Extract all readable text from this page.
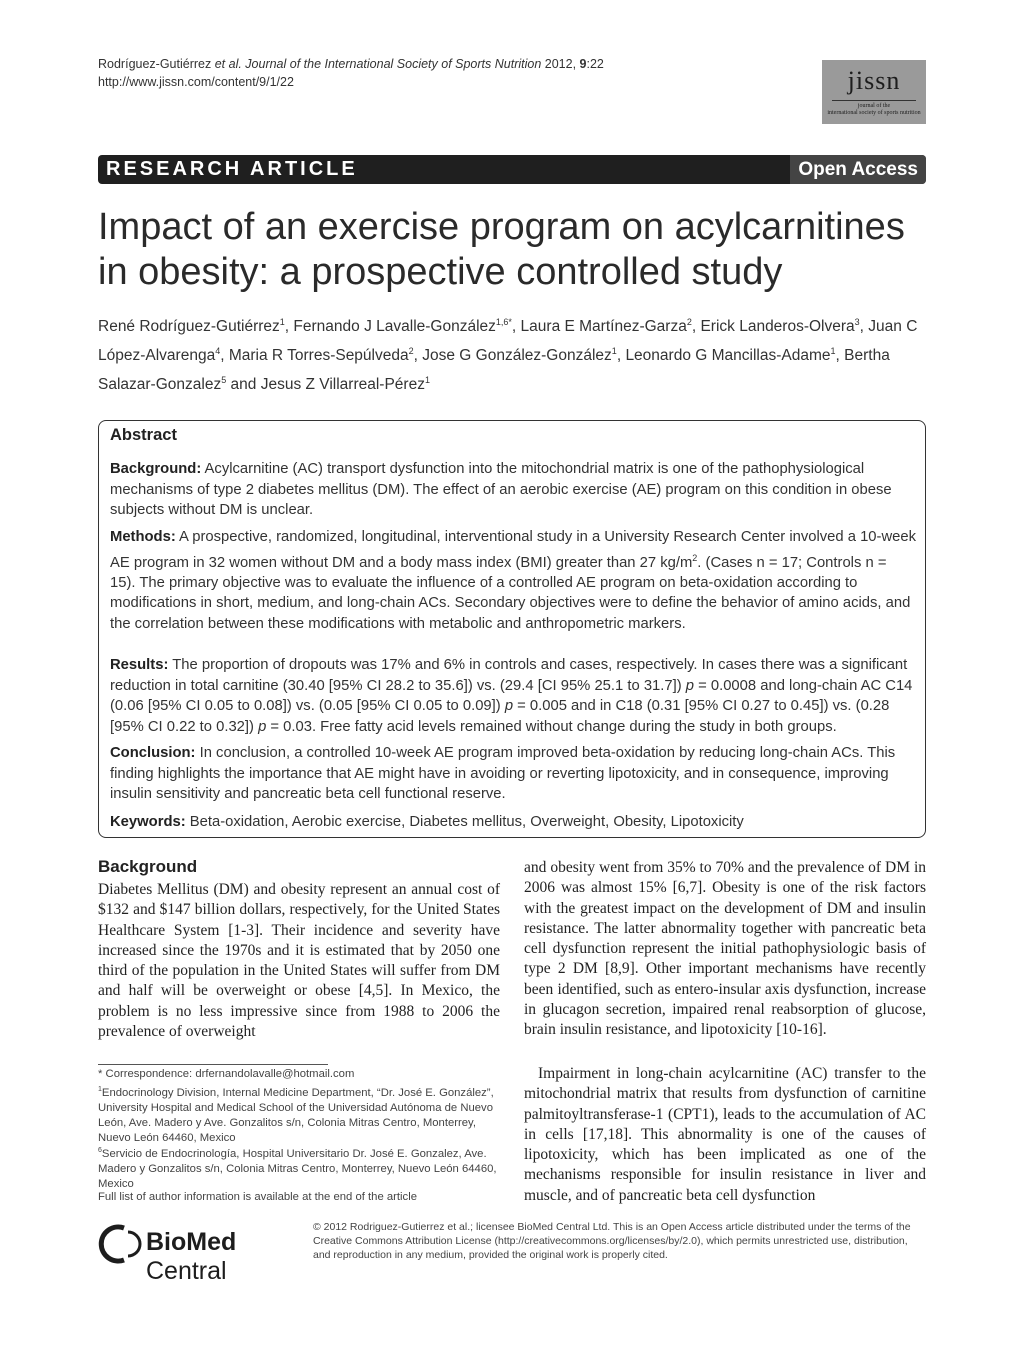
Rodríguez-Gutiérrez et al. Journal of the International Society of Sports Nutrition 2012, 9:22
http://www.jissn.com/content/9/1/22	jissn
journal of the
international society of sports nutrition
RESEARCH ARTICLE	Open Access
Impact of an exercise program on acylcarnitines
in obesity: a prospective controlled study
René Rodríguez-Gutiérrez$^1$, Fernando J Lavalle-González$^{1,6*}$, Laura E Martínez-Garza$^2$, Erick Landeros-Olvera$^3$, Juan C López-Alvarenga$^4$, Maria R Torres-Sepúlveda$^2$, Jose G González-González$^1$, Leonardo G Mancillas-Adame$^1$, Bertha Salazar-Gonzalez$^5$ and Jesus Z Villarreal-Pérez$^1$
Abstract
Background: Acylcarnitine (AC) transport dysfunction into the mitochondrial matrix is one of the pathophysiological mechanisms of type 2 diabetes mellitus (DM). The effect of an aerobic exercise (AE) program on this condition in obese subjects without DM is unclear.
Methods: A prospective, randomized, longitudinal, interventional study in a University Research Center involved a 10-week AE program in 32 women without DM and a body mass index (BMI) greater than 27 $kg/m^2$. (Cases n = 17; Controls n = 15). The primary objective was to evaluate the influence of a controlled AE program on beta-oxidation according to modifications in short, medium, and long-chain ACs. Secondary objectives were to define the behavior of amino acids, and the correlation between these modifications with metabolic and anthropometric markers.
Results: The proportion of dropouts was 17% and 6% in controls and cases, respectively. In cases there was a significant reduction in total carnitine (30.40 [95% CI 28.2 to 35.6]) vs. (29.4 [CI 95% 25.1 to 31.7]) p = 0.0008 and long-chain AC C14 (0.06 [95% CI 0.05 to 0.08]) vs. (0.05 [95% CI 0.05 to 0.09]) p = 0.005 and in C18 (0.31 [95% CI 0.27 to 0.45]) vs. (0.28 [95% CI 0.22 to 0.32]) p = 0.03. Free fatty acid levels remained without change during the study in both groups.
Conclusion: In conclusion, a controlled 10-week AE program improved beta-oxidation by reducing long-chain ACs. This finding highlights the importance that AE might have in avoiding or reverting lipotoxicity, and in consequence, improving insulin sensitivity and pancreatic beta cell functional reserve.
Keywords: Beta-oxidation, Aerobic exercise, Diabetes mellitus, Overweight, Obesity, Lipotoxicity
Background
Diabetes Mellitus (DM) and obesity represent an annual cost of $132 and $147 billion dollars, respectively, for the United States Healthcare System [1-3]. Their incidence and severity have increased since the 1970s and it is estimated that by 2050 one third of the population in the United States will suffer from DM and half will be overweight or obese [4,5]. In Mexico, the problem is no less impressive since from 1988 to 2006 the prevalence of overweight
and obesity went from 35% to 70% and the prevalence of DM in 2006 was almost 15% [6,7]. Obesity is one of the risk factors with the greatest impact on the development of DM and insulin resistance. The latter abnormality together with pancreatic beta cell dysfunction represent the initial pathophysiologic basis of type 2 DM [8,9]. Other important mechanisms have recently been identified, such as entero-insular axis dysfunction, increase in glucagon secretion, impaired renal reabsorption of glucose, brain insulin resistance, and lipotoxicity [10-16].
Impairment in long-chain acylcarnitine (AC) transfer to the mitochondrial matrix that results from dysfunction of carnitine palmitoyltransferase-1 (CPT1), leads to the accumulation of AC in cells [17,18]. This abnormality is one of the causes of lipotoxicity, which has been implicated as one of the mechanisms responsible for insulin resistance in liver and muscle, and of pancreatic beta cell dysfunction
* Correspondence: drfernandolavalle@hotmail.com
$^1$Endocrinology Division, Internal Medicine Department, “Dr. José E. González”, University Hospital and Medical School of the Universidad Autónoma de Nuevo León, Ave. Madero y Ave. Gonzalitos s/n, Colonia Mitras Centro, Monterrey, Nuevo León 64460, Mexico
$^6$Servicio de Endocrinología, Hospital Universitario Dr. José E. Gonzalez, Ave. Madero y Gonzalitos s/n, Colonia Mitras Centro, Monterrey, Nuevo León 64460, Mexico
Full list of author information is available at the end of the article
BioMed Central
© 2012 Rodriguez-Gutierrez et al.; licensee BioMed Central Ltd. This is an Open Access article distributed under the terms of the Creative Commons Attribution License (http://creativecommons.org/licenses/by/2.0), which permits unrestricted use, distribution, and reproduction in any medium, provided the original work is properly cited.
